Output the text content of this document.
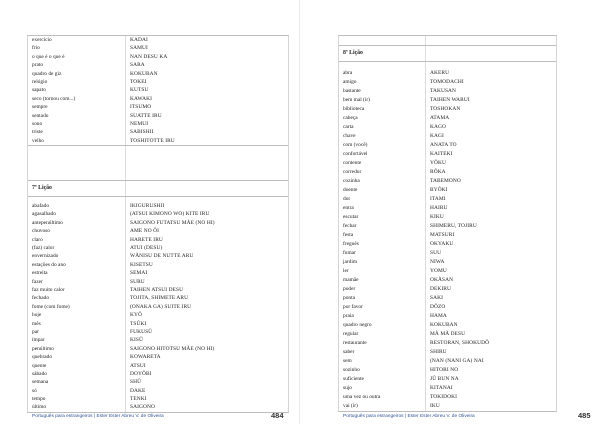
exercício	KADAI
frio	SAMUI
o que é o que é	NAN DESU KA
prato	SARA
quadro de giz	KOKUBAN
relógio	TOKEI
sapato	KUTSU
seco (tornou com...)	KAWAKI
sempre	ITSUMO
sentado	SUATTE IRU
sono	NEMUI
triste	SABISHII
velho	TOSHITOTTE IRU
7ª Lição
abafado	IKIGURUSHII
agasalhado	(ATSUI KIMONO WO) KITE IRU
antepenúltimo	SAIGONO FUTATSU MÃE (NO HI)
chuvoso	AME NO ÔI
claro	HARETE IRU
(faz) calor	ATUI (DESU)
envernizado	WÃNISU DE NUTTE ARU
estações do ano	KISETSU
estreita	SEMAI
fazer	SURU
faz muito calor	TAIHEN ATSUI DESU
fechado	TOJITA, SHIMETE ARU
fome (com fome)	(ONAKA GA) SUITE IRU
hoje	KYÔ
mês	TSÛKI
par	FUKUSÛ
ímpar	KISÛ
penúltimo	SAIGONO HITOTSU MÃE (NO HI)
quebrado	KOWARETA
quente	ATSUI
sábado	DOYÔBI
semana	SHÛ
só	DAKE
tempo	TENKI
último	SAIGONO
Português para estrangeiros | Ester Ester Abreu V. de Oliveira	484
8ª Lição
abra	AKERU
amigo	TOMODACHI
bastante	TAKUSAN
bem mal (ir)	TAIHEN WARUI
biblioteca	TOSHOKAN
cabeça	ATAMA
carta	KAGO
chave	KAGI
com (você)	ANATA TO
confortável	KAITEKI
contente	YÔKU
corredor	RÔKA
cozinha	TABEMONO
doente	BYÔKI
dor	ITAMI
entra	HAIRU
escutar	KIKU
fechar	SHIMERU, TOJIRU
festa	MATSURI
freguês	OKYAKU
fumar	SUU
jardim	NIWA
ler	YOMU
mamãe	OKÃSAN
poder	DEKIRU
ponta	SAKI
por favor	DÔZO
praia	HAMA
quadro negro	KOKUBAN
regular	MÃ MÃ DESU
restaurante	RESTORAN, SHOKUDÔ
saber	SHIRU
sem	(NAN (NANI GA) NAI
sozinho	HITORI NO
suficiente	JÛ BUN NA
sujo	KITANAI
uma vez ou outra	TOKIDOKI
vai (ir)	IKU
Português para estrangeiros | Ester Ester Abreu V. de Oliveira	485
